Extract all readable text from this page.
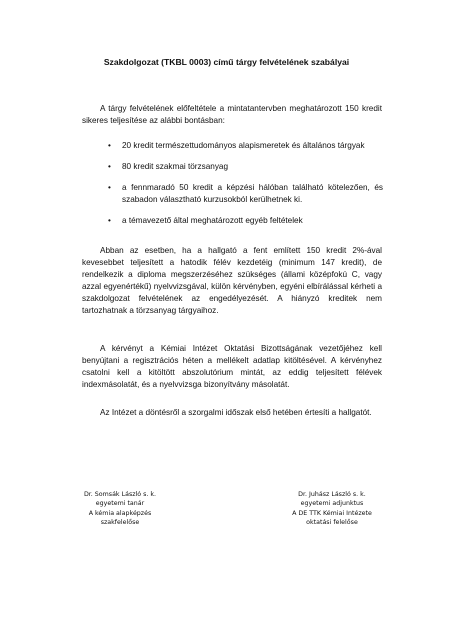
Szakdolgozat (TKBL 0003) című tárgy felvételének szabályai

A tárgy felvételének előfeltétele a mintatantervben meghatározott 150 kredit sikeres teljesítése az alábbi bontásban:

• 20 kredit természettudományos alapismeretek és általános tárgyak
• 80 kredit szakmai törzsanyag
• a fennmaradó 50 kredit a képzési hálóban található kötelezően, és szabadon választható kurzusokból kerülhetnek ki.
• a témavezető által meghatározott egyéb feltételek

Abban az esetben, ha a hallgató a fent említett 150 kredit 2%-ával kevesebbet teljesített a hatodik félév kezdetéig (minimum 147 kredit), de rendelkezik a diploma megszerzéséhez szükséges (állami középfokú C, vagy azzal egyenértékű) nyelvvizsgával, külön kérvényben, egyéni elbírálással kérheti a szakdolgozat felvételének az engedélyezését. A hiányzó kreditek nem tartozhatnak a törzsanyag tárgyaihoz.

A kérvényt a Kémiai Intézet Oktatási Bizottságának vezetőjéhez kell benyújtani a regisztrációs héten a mellékelt adatlap kitöltésével. A kérvényhez csatolni kell a kitöltött abszolutórium mintát, az eddig teljesített félévek indexmásolatát, és a nyelvvizsga bizonyítvány másolatát.

Az Intézet a döntésről a szorgalmi időszak első hetében értesíti a hallgatót.

Dr. Somsák László s. k.
egyetemi tanár
A kémia alapképzés
szakfelelőse
Dr. Juhász László s. k.
egyetemi adjunktus
A DE TTK Kémiai Intézete
oktatási felelőse
